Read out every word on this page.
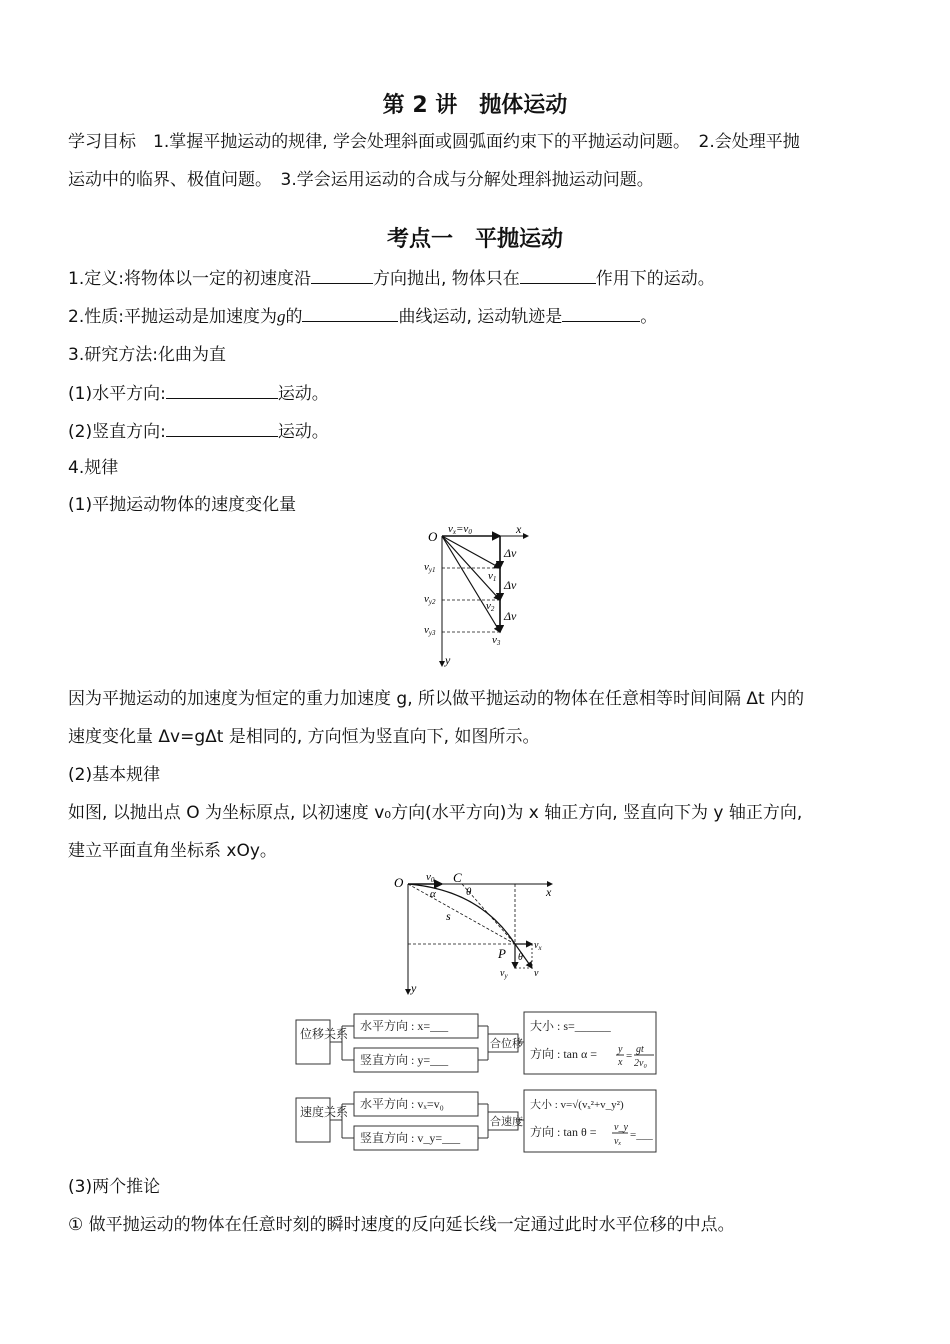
第 2 讲　抛体运动
学习目标　1.掌握平抛运动的规律, 学会处理斜面或圆弧面约束下的平抛运动问题。　2.会处理平抛
运动中的临界、极值问题。　3.学会运用运动的合成与分解处理斜抛运动问题。
考点一　平抛运动
1.定义:将物体以一定的初速度沿	方向抛出, 物体只在	作用下的运动。
2.性质:平抛运动是加速度为g的	曲线运动, 运动轨迹是	。
3.研究方法:化曲为直
(1)水平方向:	运动。
(2)竖直方向:	运动。
4.规律
(1)平抛运动物体的速度变化量
O vx=v0	x
y
Δv
Δv
Δv
vy1
vy2
vy3
v1
v2
v3
因为平抛运动的加速度为恒定的重力加速度 g, 所以做平抛运动的物体在任意相等时间间隔 Δt 内的
速度变化量 Δv=gΔt 是相同的, 方向恒为竖直向下, 如图所示。
(2)基本规律
如图, 以抛出点 O 为坐标原点, 以初速度 v₀方向(水平方向)为 x 轴正方向, 竖直向下为 y 轴正方向,
建立平面直角坐标系 xOy。
O v0 C
α	θ	x
s
P θ
$v_x$
$v_y$	v
y
位移关系
水平方向 : x=___
竖直方向 : y=___
合位移
大小 : s=______
方向 : tan α = y
x
=
gt
2v₀
速度关系
水平方向 : vₓ=v₀
竖直方向 : v_y=___
合速度
大小 : v=√(vₓ²+v_y²)
方向 : tan θ = v_y
vₓ
=___
(3)两个推论
① 做平抛运动的物体在任意时刻的瞬时速度的反向延长线一定通过此时水平位移的中点。
